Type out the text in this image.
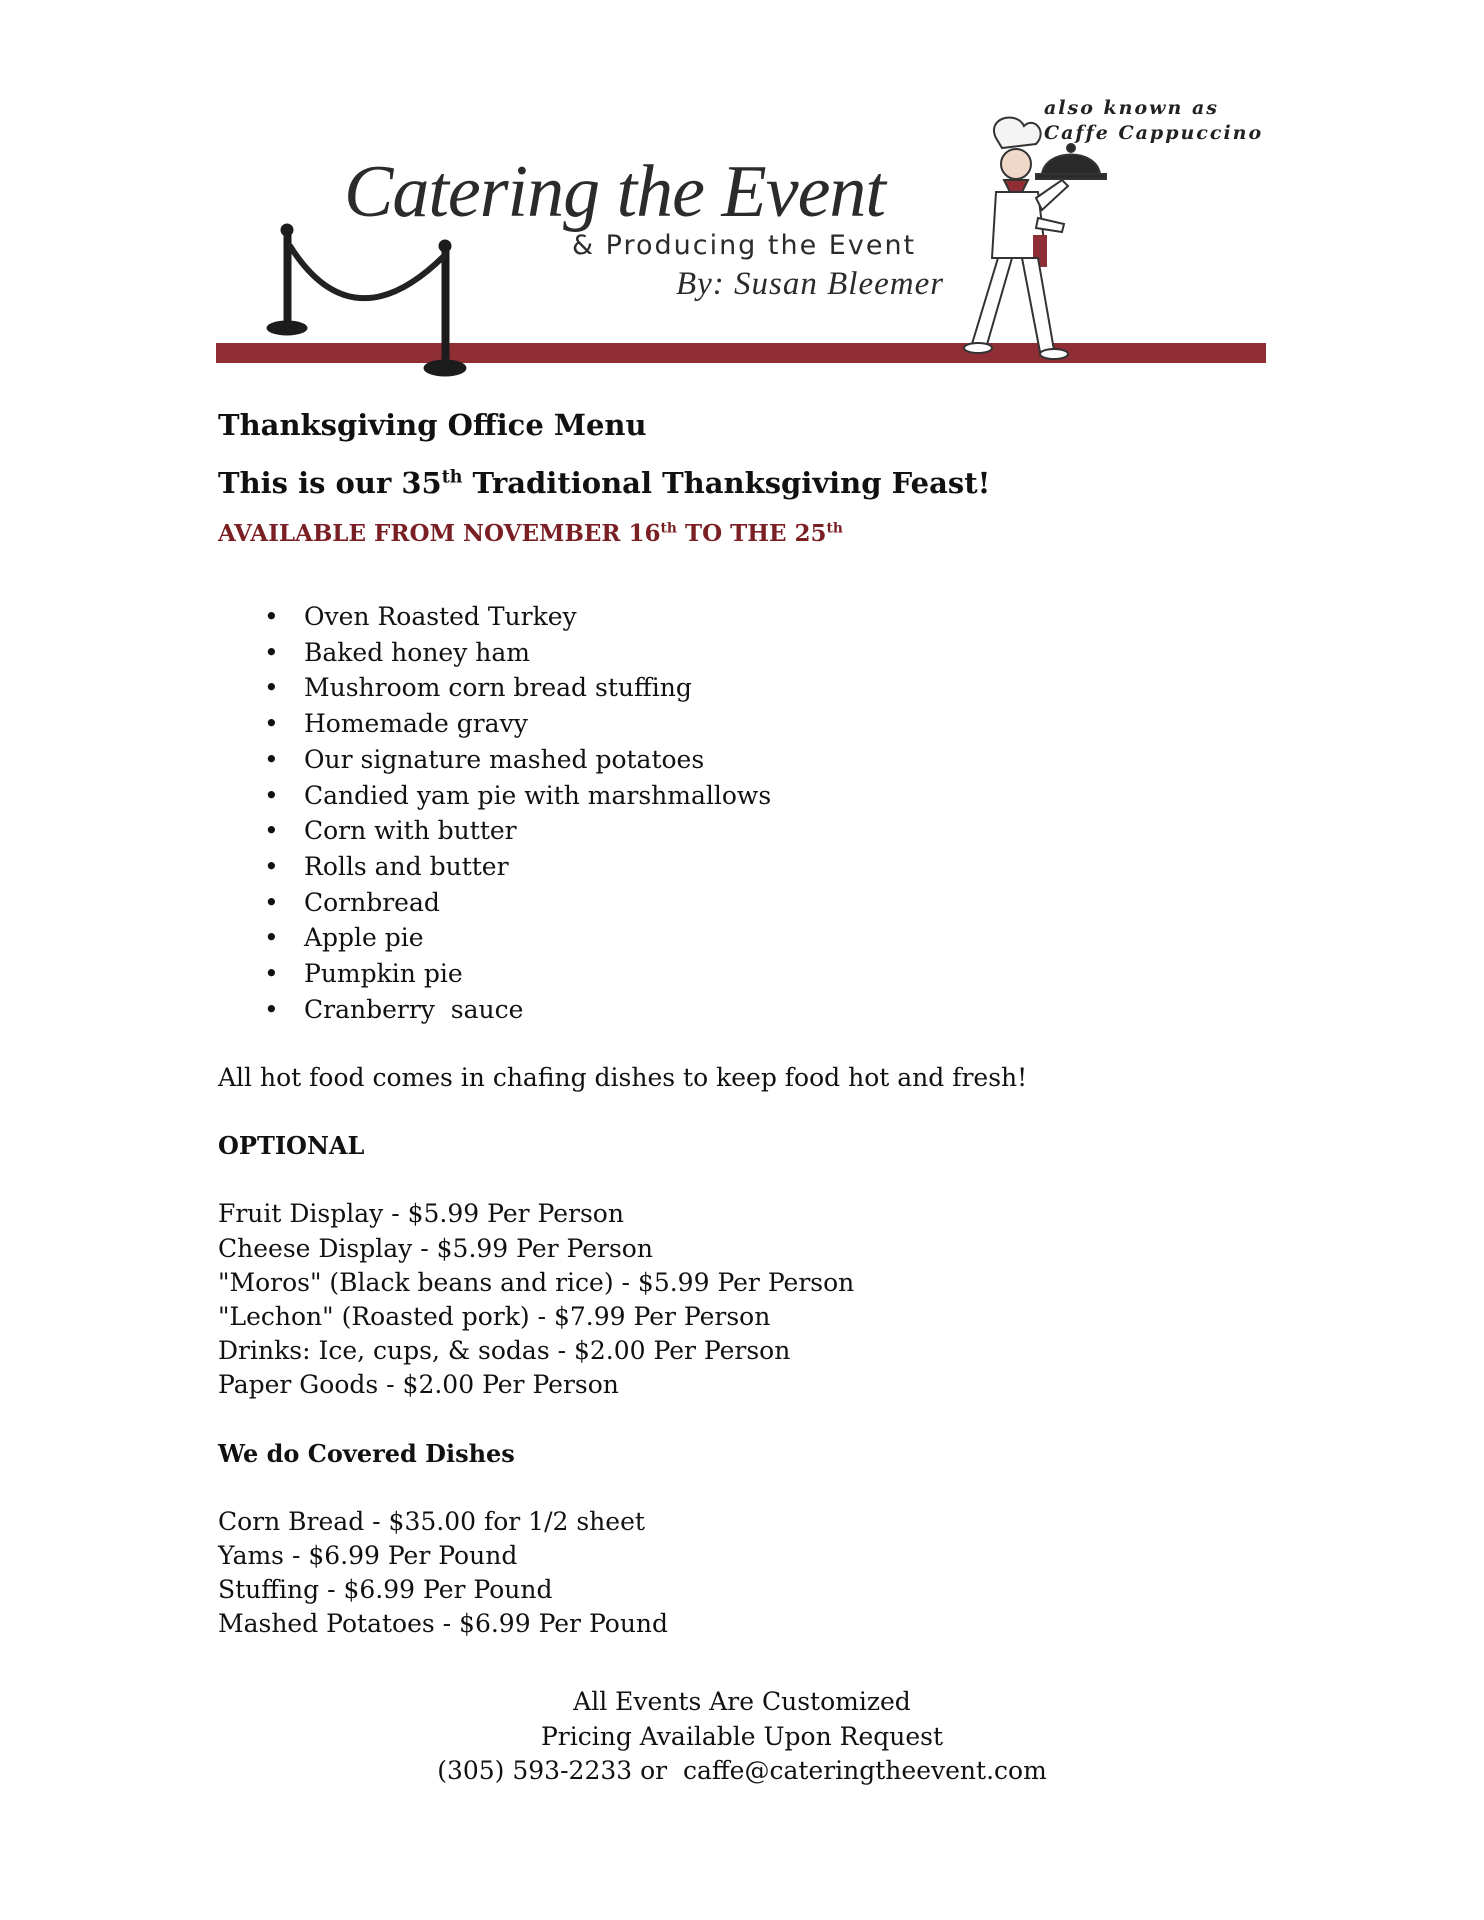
also known as
Caffe Cappuccino
Catering the Event
& Producing the Event
By: Susan Bleemer
Thanksgiving Office Menu
This is our 35th Traditional Thanksgiving Feast!
AVAILABLE FROM NOVEMBER 16th TO THE 25th
• Oven Roasted Turkey
• Baked honey ham
• Mushroom corn bread stuffing
• Homemade gravy
• Our signature mashed potatoes
• Candied yam pie with marshmallows
• Corn with butter
• Rolls and butter
• Cornbread
• Apple pie
• Pumpkin pie
• Cranberry  sauce

All hot food comes in chafing dishes to keep food hot and fresh!

OPTIONAL
Fruit Display - $5.99 Per Person
Cheese Display - $5.99 Per Person
"Moros" (Black beans and rice) - $5.99 Per Person
"Lechon" (Roasted pork) - $7.99 Per Person
Drinks: Ice, cups, & sodas - $2.00 Per Person
Paper Goods - $2.00 Per Person
We do Covered Dishes
Corn Bread - $35.00 for 1/2 sheet
Yams - $6.99 Per Pound
Stuffing - $6.99 Per Pound
Mashed Potatoes - $6.99 Per Pound
All Events Are Customized
Pricing Available Upon Request
(305) 593-2233 or  caffe@cateringtheevent.com
